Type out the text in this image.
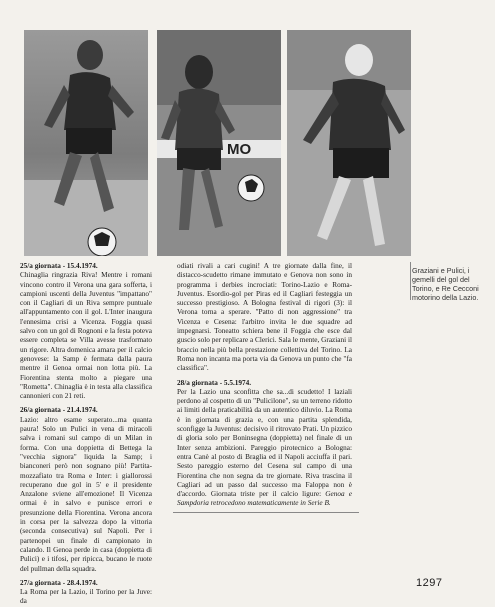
MO
Graziani e Pulici, i gemelli del gol del Torino, e Re Cecconi motorino della Lazio.

25/a giornata - 15.4.1974.

Chinaglia ringrazia Riva! Mentre i romani vincono contro il Verona una gara sofferta, i campioni uscenti della Juventus "impattano" con il Cagliari di un Riva sempre puntuale all'appuntamento con il gol. L'Inter inaugura l'ennesima crisi a Vicenza. Foggia quasi salvo con un gol di Rognoni e la festa poteva essere completa se Villa avesse trasformato un rigore. Altra domenica amara per il calcio genovese: la Samp è fermata dalla paura mentre il Genoa ormai non lotta più. La Fiorentina stenta molto a piegare una "Rometta". Chinaglia è in testa alla classifica cannonieri con 21 reti.

26/a giornata - 21.4.1974.

Lazio: altro esame superato...ma quanta paura! Solo un Pulici in vena di miracoli salva i romani sul campo di un Milan in forma. Con una doppietta di Bettega la "vecchia signora" liquida la Samp; i bianconeri però non sognano più! Partita-mozzafiato tra Roma e Inter: i giallorossi recuperano due gol in 5' e il presidente Anzalone sviene all'emozione! Il Vicenza ormai è in salvo e punisce errori e presunzione della Fiorentina. Verona ancora in corsa per la salvezza dopo la vittoria (seconda consecutiva) sul Napoli. Per i partenopei un finale di campionato in calando. Il Genoa perde in casa (doppietta di Pulici) e i tifosi, per ripicca, bucano le ruote del pullman della squadra.

27/a giornata - 28.4.1974.

La Roma per la Lazio, il Torino per la Juve: da

odiati rivali a cari cugini! A tre giornate dalla fine, il distacco-scudetto rimane immutato e Genova non sono in programma i derbies incrociati: Torino-Lazio e Roma-Juventus. Esordio-gol per Piras ed il Cagliari festeggia un successo prestigioso. A Bologna festival di rigori (3): il Verona torna a sperare. "Patto di non aggressione" tra Vicenza e Cesena: l'arbitro invita le due squadre ad impegnarsi. Toneatto schiera bene il Foggia che esce dal guscio solo per replicare a Clerici. Sala le mente, Graziani il braccio nella più bella prestazione collettiva del Torino. La Roma non incanta ma porta via da Genova un punto che "fa classifica".

28/a giornata - 5.5.1974.

Per la Lazio una sconfitta che sa...di scudetto! I laziali perdono al cospetto di un "Pulicilone", su un terreno ridotto ai limiti della praticabilità da un autentico diluvio. La Roma è in giornata di grazia e, con una partita splendida, sconfigge la Juventus: decisivo il ritrovato Prati. Un pizzico di gloria solo per Boninsegna (doppietta) nel finale di un Inter senza ambizioni. Pareggio pirotecnico a Bologna: entra Canè al posto di Braglia ed il Napoli acciuffa il pari. Sesto pareggio esterno del Cesena sul campo di una Fiorentina che non segna da tre giornate. Riva trascina il Cagliari ad un passo dal successo ma Faloppa non è d'accordo. Giornata triste per il calcio ligure: Genoa e Sampdoria retrocedono matematicamente in Serie B.

1297
